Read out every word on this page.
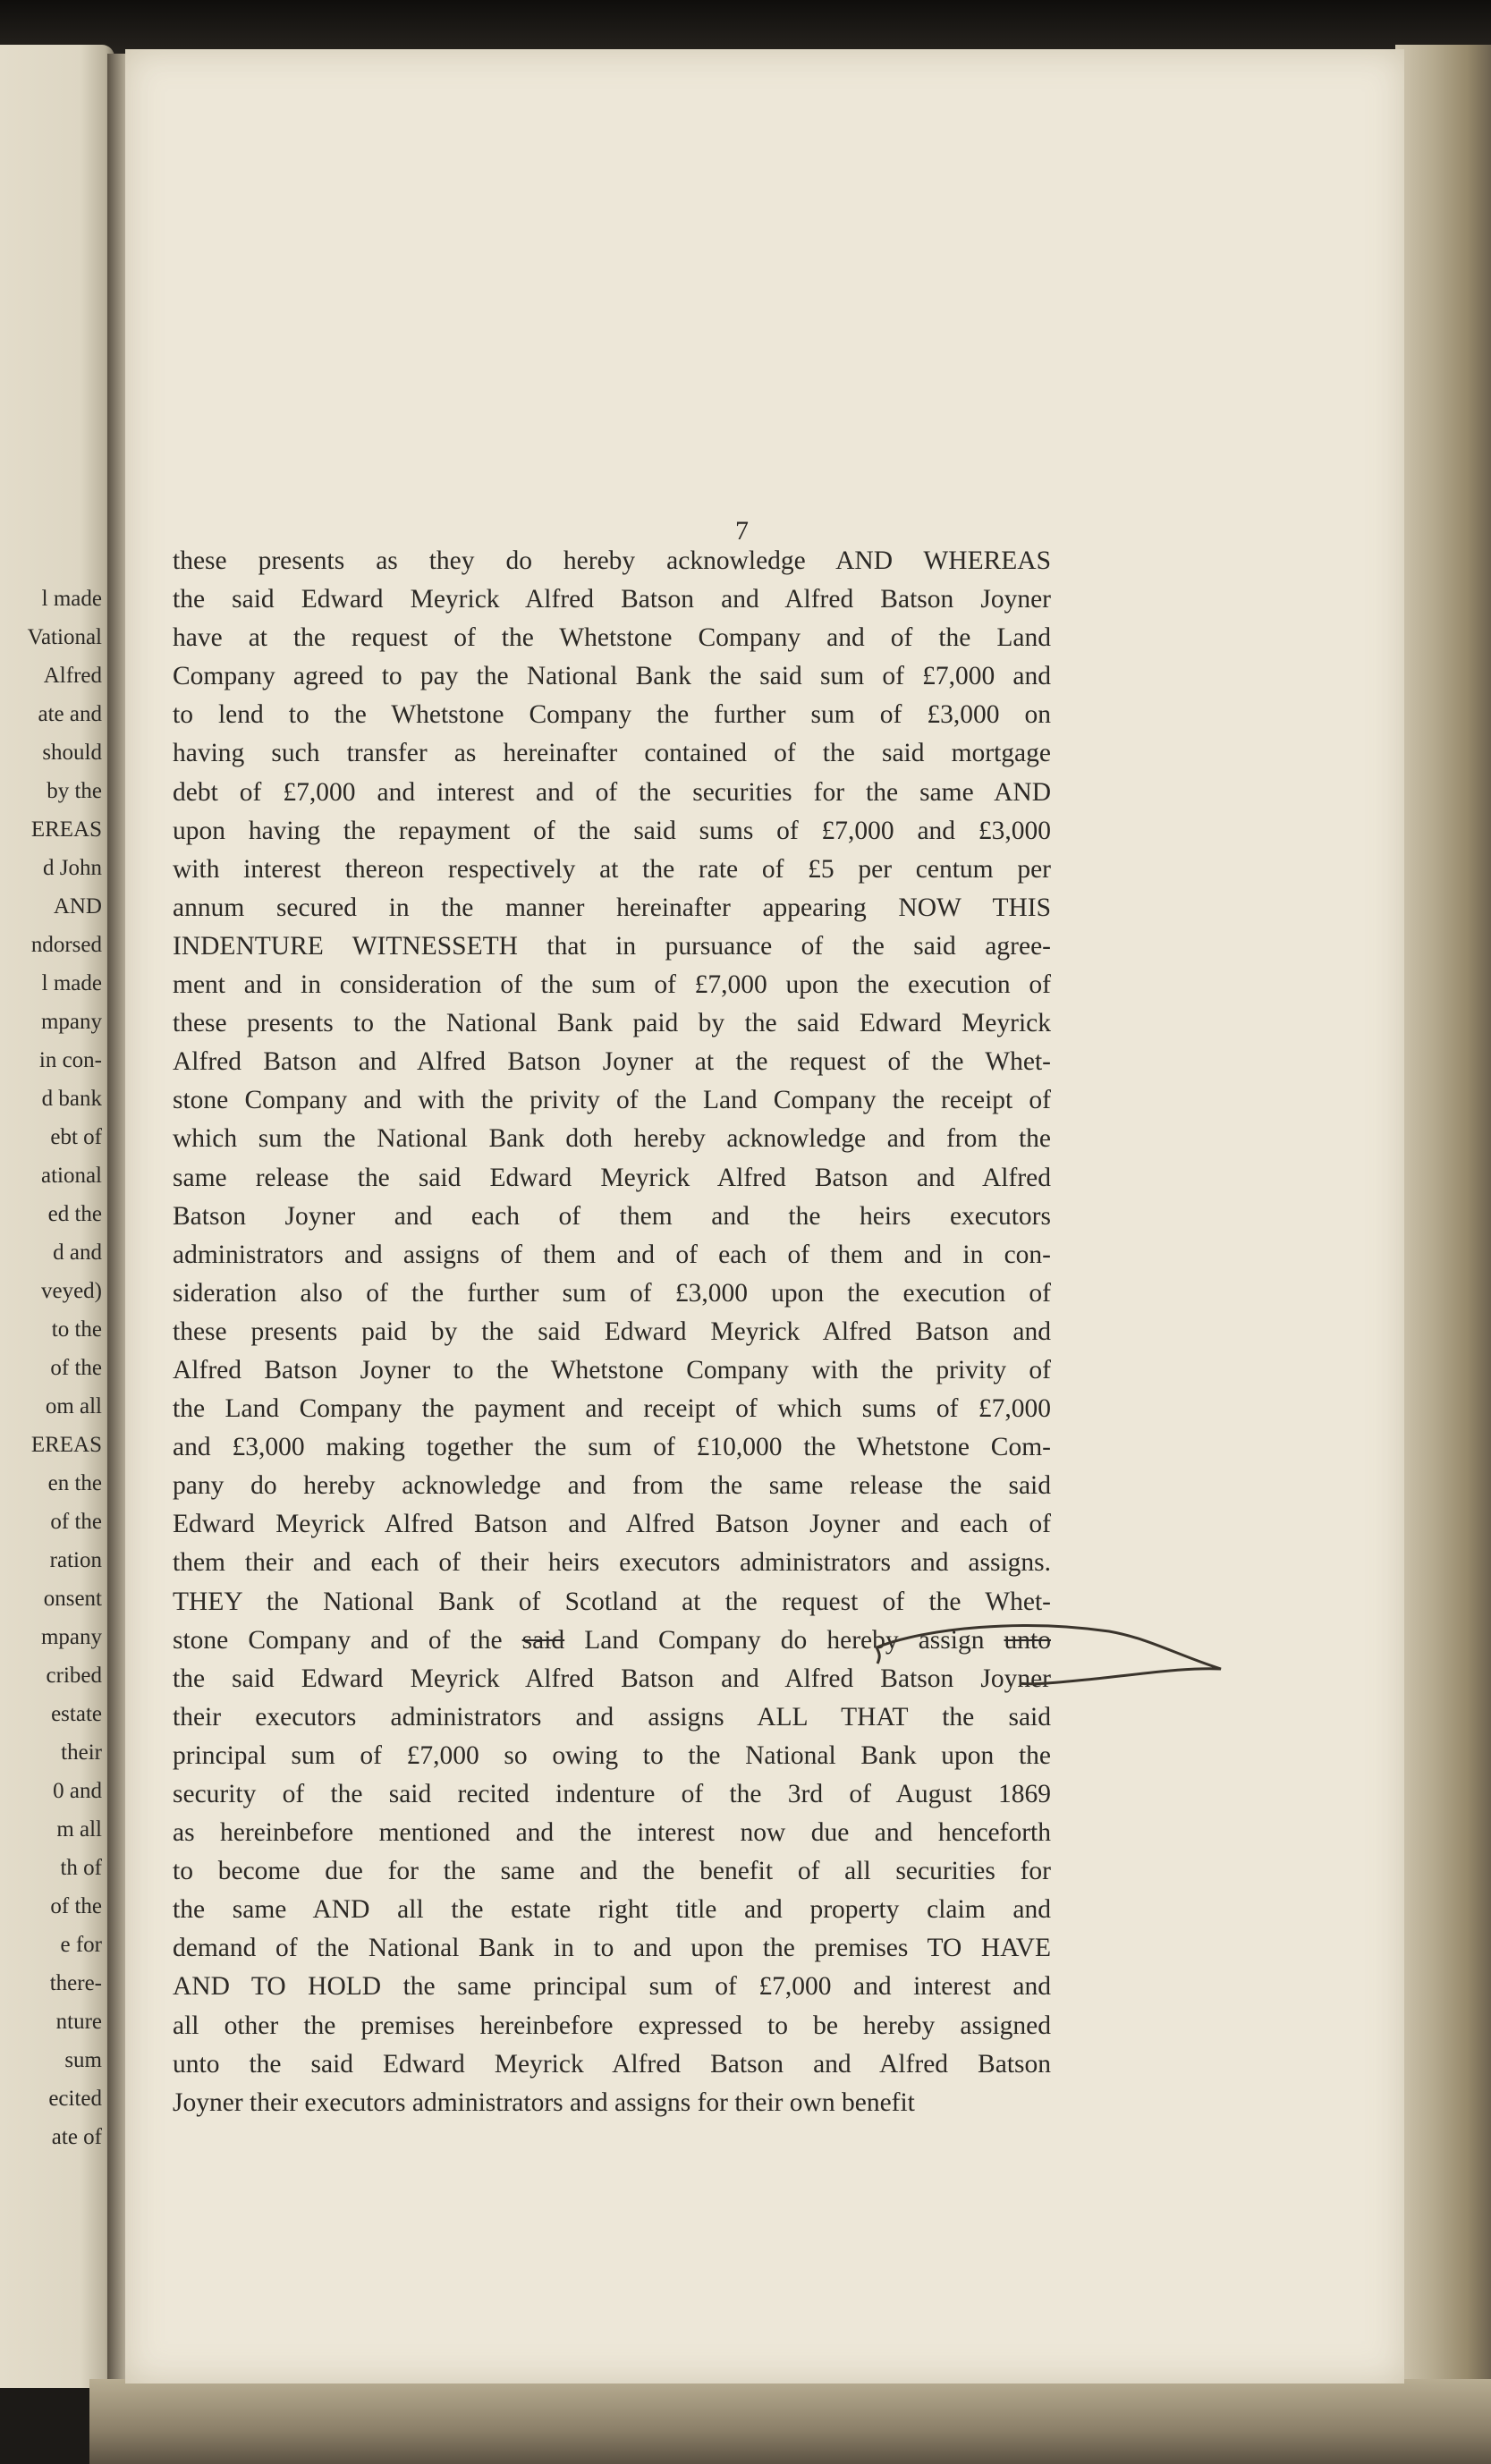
l made
Vational
Alfred
ate and
should
by the
EREAS
d John
AND
ndorsed
l made
mpany
in con-
d bank
ebt of
ational
ed the
d and
veyed)
to the
of the
om all
EREAS
en the
of the
ration
onsent
mpany
cribed
estate
their
0 and
m all
th of
of the
e for
there-
nture
sum
ecited
ate of
7
these presents as they do hereby acknowledge AND WHEREAS
the said Edward Meyrick Alfred Batson and Alfred Batson Joyner
have at the request of the Whetstone Company and of the Land
Company agreed to pay the National Bank the said sum of £7,000 and
to lend to the Whetstone Company the further sum of £3,000 on
having such transfer as hereinafter contained of the said mortgage
debt of £7,000 and interest and of the securities for the same AND
upon having the repayment of the said sums of £7,000 and £3,000
with interest thereon respectively at the rate of £5 per centum per
annum secured in the manner hereinafter appearing NOW THIS
INDENTURE WITNESSETH that in pursuance of the said agree-
ment and in consideration of the sum of £7,000 upon the execution of
these presents to the National Bank paid by the said Edward Meyrick
Alfred Batson and Alfred Batson Joyner at the request of the Whet-
stone Company and with the privity of the Land Company the receipt of
which sum the National Bank doth hereby acknowledge and from the
same release the said Edward Meyrick Alfred Batson and Alfred
Batson Joyner and each of them and the heirs executors
administrators and assigns of them and of each of them and in con-
sideration also of the further sum of £3,000 upon the execution of
these presents paid by the said Edward Meyrick Alfred Batson and
Alfred Batson Joyner to the Whetstone Company with the privity of
the Land Company the payment and receipt of which sums of £7,000
and £3,000 making together the sum of £10,000 the Whetstone Com-
pany do hereby acknowledge and from the same release the said
Edward Meyrick Alfred Batson and Alfred Batson Joyner and each of
them their and each of their heirs executors administrators and assigns.
THEY the National Bank of Scotland at the request of the Whet-
stone Company and of the said Land Company do hereby assign unto
the said Edward Meyrick Alfred Batson and Alfred Batson Joyner
their executors administrators and assigns ALL THAT the said
principal sum of £7,000 so owing to the National Bank upon the
security of the said recited indenture of the 3rd of August 1869
as hereinbefore mentioned and the interest now due and henceforth
to become due for the same and the benefit of all securities for
the same AND all the estate right title and property claim and
demand of the National Bank in to and upon the premises TO HAVE
AND TO HOLD the same principal sum of £7,000 and interest and
all other the premises hereinbefore expressed to be hereby assigned
unto the said Edward Meyrick Alfred Batson and Alfred Batson
Joyner their executors administrators and assigns for their own benefit
